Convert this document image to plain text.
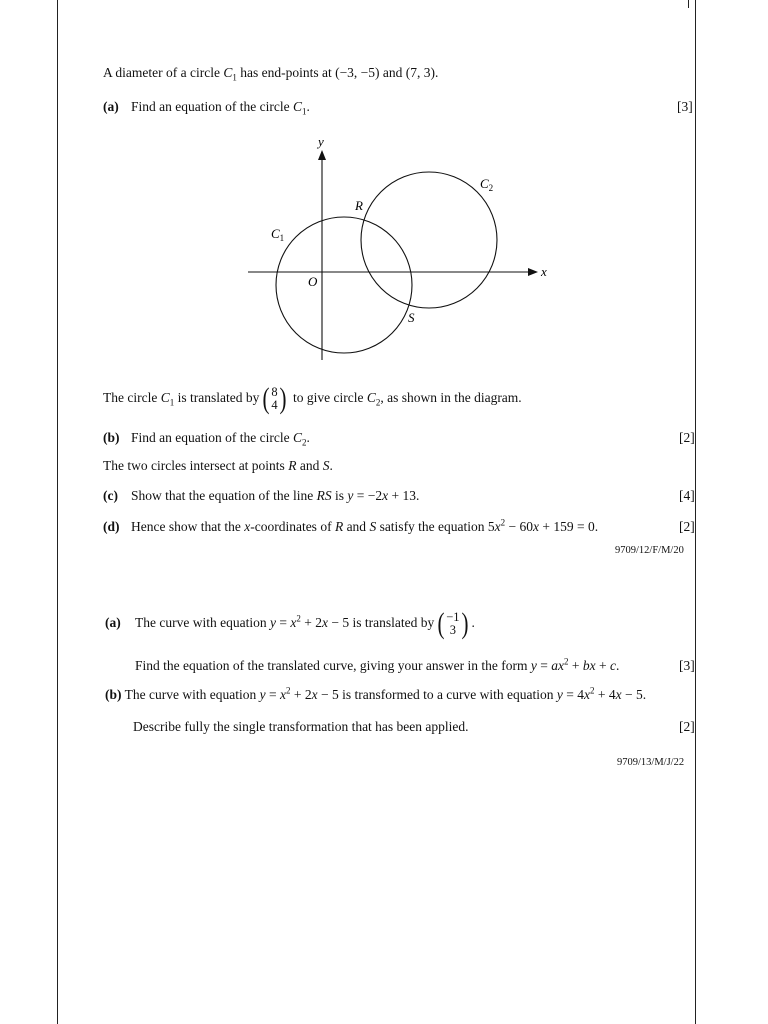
A diameter of a circle $C_1$ has end-points at (−3, −5) and (7, 3).
(a) Find an equation of the circle $C_1$.	[3]
y
x
O
$C_1$
$C_2$
R
S
The circle $C_1$ is translated by ( 8
4 ) to give circle $C_2$, as shown in the diagram.
(b) Find an equation of the circle $C_2$.	[2]
The two circles intersect at points R and S.
(c) Show that the equation of the line RS is y = −2x + 13.	[4]
(d) Hence show that the x-coordinates of R and S satisfy the equation $5x^2 - 60x + 159 = 0$.	[2]
9709/12/F/M/20
(a) The curve with equation $y = x^2 + 2x - 5$ is translated by ( −1
3 ) .
Find the equation of the translated curve, giving your answer in the form $y = ax^2$ + bx + c.	[3]
(b) The curve with equation $y = x^2 + 2x - 5$ is transformed to a curve with equation $y = 4x^2 + 4x - 5$.
Describe fully the single transformation that has been applied.	[2]
9709/13/M/J/22
